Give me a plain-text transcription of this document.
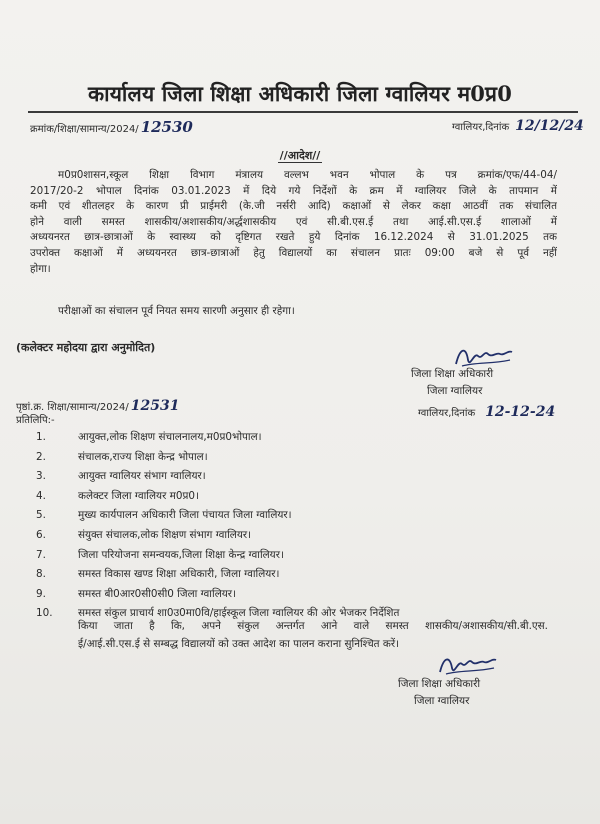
कार्यालय जिला शिक्षा अधिकारी जिला ग्वालियर म0प्र0
क्रमांक/शिक्षा/सामान्य/2024/ 12530	ग्वालियर,दिनांक 12/12/24
//आदेश//
म0प्र0शासन,स्कूल शिक्षा विभाग मंत्रालय वल्लभ भवन भोपाल के पत्र क्रमांक/एफ/44-04/
2017/20-2 भोपाल दिनांक 03.01.2023 में दिये गये निर्देशों के क्रम में ग्वालियर जिले के तापमान में
कमी एवं शीतलहर के कारण प्री प्राईमरी (के.जी नर्सरी आदि) कक्षाओं से लेकर कक्षा आठवीं तक संचालित
होने वाली समस्त शासकीय/अशासकीय/अर्द्धशासकीय एवं सी.बी.एस.ई तथा आई.सी.एस.ई शालाओं में
अध्ययनरत छात्र-छात्राओं के स्वास्थ्य को दृष्टिगत रखते हुये दिनांक 16.12.2024 से 31.01.2025 तक
उपरोक्त कक्षाओं में अध्ययनरत छात्र-छात्राओं हेतु विद्यालयों का संचालन प्रातः 09:00 बजे से पूर्व नहीं
होगा।
परीक्षाओं का संचालन पूर्व नियत समय सारणी अनुसार ही रहेगा।
(कलेक्टर महोदया द्वारा अनुमोदित)
जिला शिक्षा अधिकारी
जिला ग्वालियर
ग्वालियर,दिनांक 12-12-24
पृष्ठां.क्र. शिक्षा/सामान्य/2024/ 12531
प्रतिलिपि:-
1.	आयुक्त,लोक शिक्षण संचालनालय,म0प्र0भोपाल।
2.	संचालक,राज्य शिक्षा केन्द्र भोपाल।
3.	आयुक्त ग्वालियर संभाग ग्वालियर।
4.	कलेक्टर जिला ग्वालियर म0प्र0।
5.	मुख्य कार्यपालन अधिकारी जिला पंचायत जिला ग्वालियर।
6.	संयुक्त संचालक,लोक शिक्षण संभाग ग्वालियर।
7.	जिला परियोजना समन्वयक,जिला शिक्षा केन्द्र ग्वालियर।
8.	समस्त विकास खण्ड शिक्षा अधिकारी, जिला ग्वालियर।
9.	समस्त बी0आर0सी0सी0 जिला ग्वालियर।
10.	समस्त संकुल प्राचार्य शा0उ0मा0वि/हाईस्कूल जिला ग्वालियर की ओर भेजकर निर्देशित
किया जाता है कि, अपने संकुल अन्तर्गत आने वाले समस्त शासकीय/अशासकीय/सी.बी.एस.
ई/आई.सी.एस.ई से सम्बद्ध विद्यालयों को उक्त आदेश का पालन कराना सुनिश्चित करें।
जिला शिक्षा अधिकारी
जिला ग्वालियर
